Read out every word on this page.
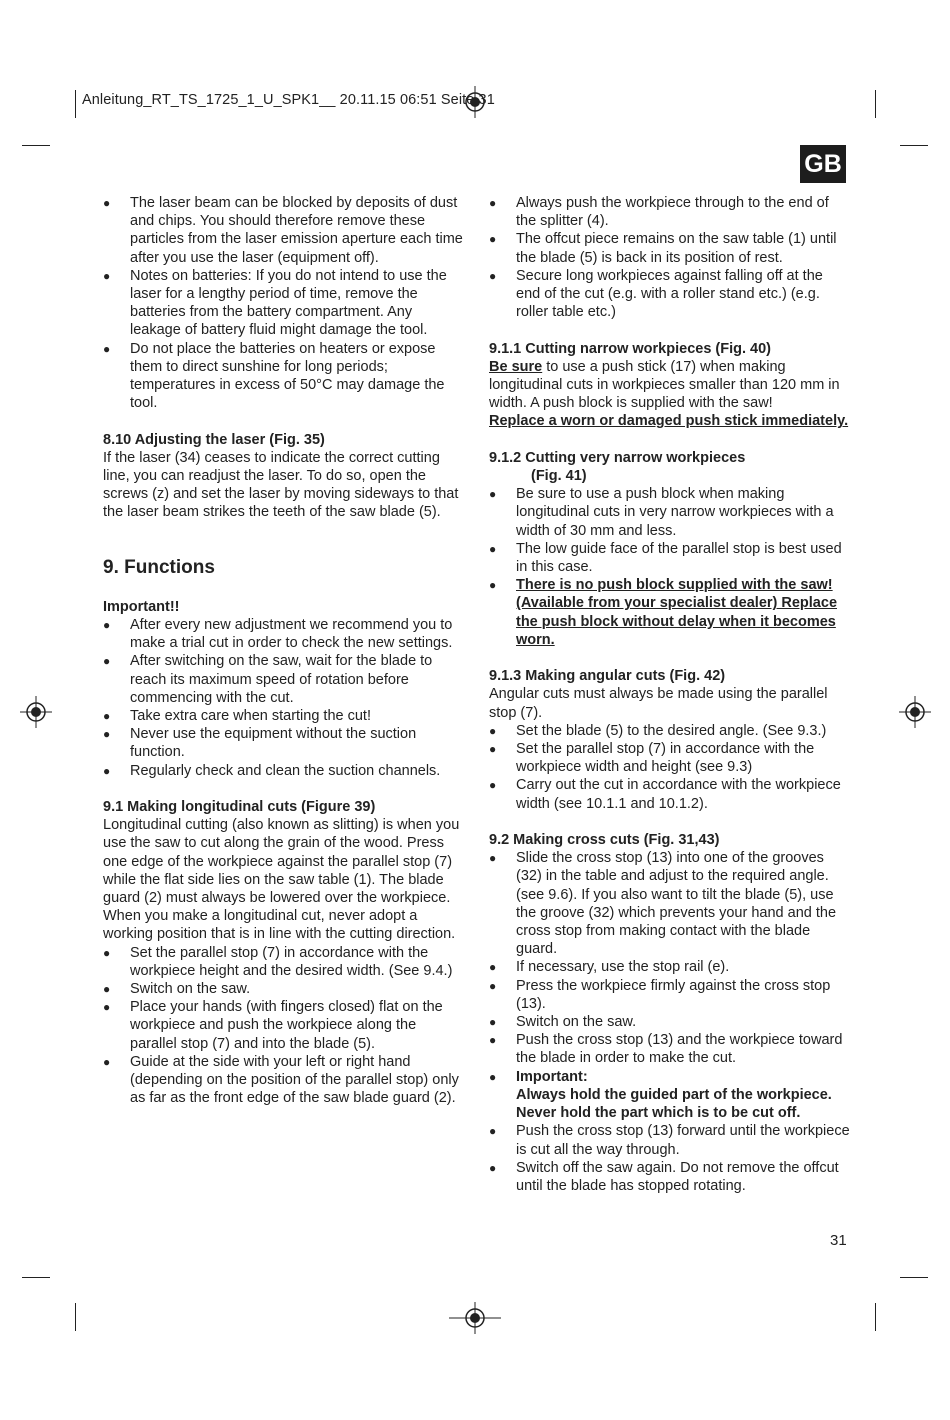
Anleitung_RT_TS_1725_1_U_SPK1__ 20.11.15 06:51 Seite 31
GB
● The laser beam can be blocked by deposits of dust and chips. You should therefore remove these particles from the laser emission aperture each time after you use the laser (equipment off).

● Notes on batteries: If you do not intend to use the laser for a lengthy period of time, remove the batteries from the battery compartment. Any leakage of battery fluid might damage the tool.

● Do not place the batteries on heaters or expose them to direct sunshine for long periods; temperatures in excess of 50°C may damage the tool.

8.10 Adjusting the laser (Fig. 35)

If the laser (34) ceases to indicate the correct cutting line, you can readjust the laser. To do so, open the screws (z) and set the laser by moving sideways to that the laser beam strikes the teeth of the saw blade (5).

9. Functions

Important!!

● After every new adjustment we recommend you to make a trial cut in order to check the new settings.

● After switching on the saw, wait for the blade to reach its maximum speed of rotation before commencing with the cut.

● Take extra care when starting the cut!

● Never use the equipment without the suction function.

● Regularly check and clean the suction channels.

9.1 Making longitudinal cuts (Figure 39)

Longitudinal cutting (also known as slitting) is when you use the saw to cut along the grain of the wood. Press one edge of the workpiece against the parallel stop (7) while the flat side lies on the saw table (1). The blade guard (2) must always be lowered over the workpiece.

When you make a longitudinal cut, never adopt a working position that is in line with the cutting direction.

● Set the parallel stop (7) in accordance with the workpiece height and the desired width. (See 9.4.)

● Switch on the saw.

● Place your hands (with fingers closed) flat on the workpiece and push the workpiece along the parallel stop (7) and into the blade (5).

● Guide at the side with your left or right hand (depending on the position of the parallel stop) only as far as the front edge of the saw blade guard (2).

● Always push the workpiece through to the end of the splitter (4).

● The offcut piece remains on the saw table (1) until the blade (5) is back in its position of rest.

● Secure long workpieces against falling off at the end of the cut (e.g. with a roller stand etc.) (e.g. roller table etc.)

9.1.1 Cutting narrow workpieces (Fig. 40)

Be sure to use a push stick (17) when making longitudinal cuts in workpieces smaller than 120 mm in width. A push block is supplied with the saw!

Replace a worn or damaged push stick immediately.

9.1.2 Cutting very narrow workpieces

(Fig. 41)

● Be sure to use a push block when making longitudinal cuts in very narrow workpieces with a width of 30 mm and less.

● The low guide face of the parallel stop is best used in this case.

● There is no push block supplied with the saw! (Available from your specialist dealer) Replace the push block without delay when it becomes worn.

9.1.3 Making angular cuts (Fig. 42)

Angular cuts must always be made using the parallel stop (7).

● Set the blade (5) to the desired angle. (See 9.3.)

● Set the parallel stop (7) in accordance with the workpiece width and height (see 9.3)

● Carry out the cut in accordance with the workpiece width (see 10.1.1 and 10.1.2).

9.2 Making cross cuts (Fig. 31,43)

● Slide the cross stop (13) into one of the grooves (32) in the table and adjust to the required angle. (see 9.6). If you also want to tilt the blade (5), use the groove (32) which prevents your hand and the cross stop from making contact with the blade guard.

● If necessary, use the stop rail (e).

● Press the workpiece firmly against the cross stop (13).

● Switch on the saw.

● Push the cross stop (13) and the workpiece toward the blade in order to make the cut.

● Important:

Always hold the guided part of the workpiece. Never hold the part which is to be cut off.

● Push the cross stop (13) forward until the workpiece is cut all the way through.

● Switch off the saw again. Do not remove the offcut until the blade has stopped rotating.

31
